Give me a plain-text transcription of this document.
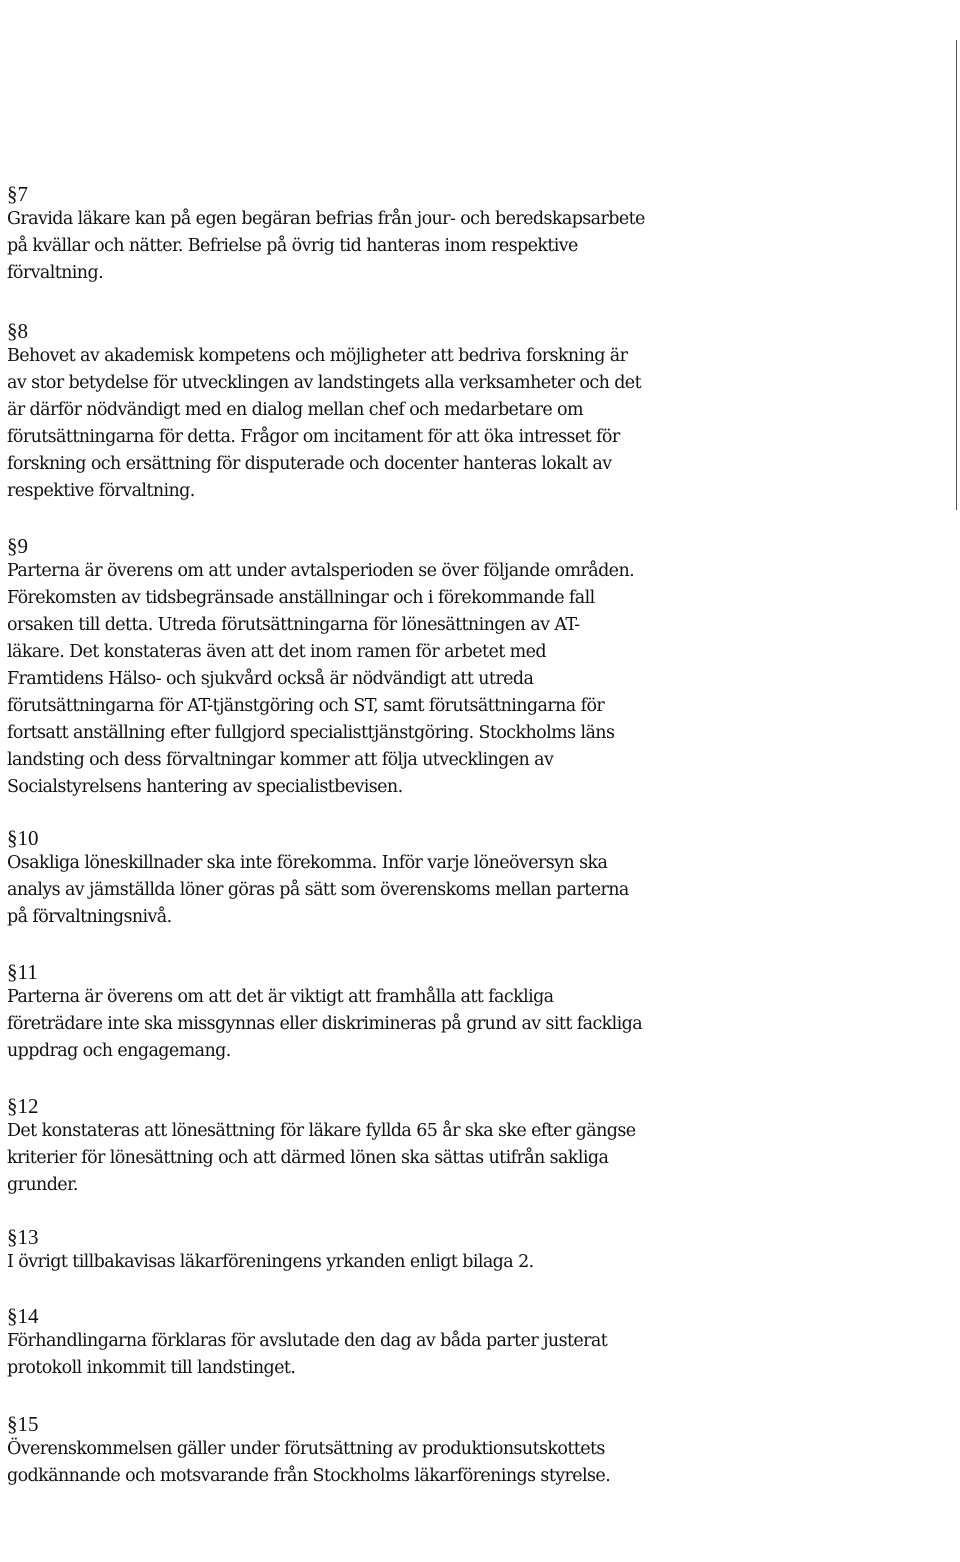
§7
Gravida läkare kan på egen begäran befrias från jour- och beredskapsarbete
på kvällar och nätter. Befrielse på övrig tid hanteras inom respektive
förvaltning.
§8
Behovet av akademisk kompetens och möjligheter att bedriva forskning är
av stor betydelse för utvecklingen av landstingets alla verksamheter och det
är därför nödvändigt med en dialog mellan chef och medarbetare om
förutsättningarna för detta. Frågor om incitament för att öka intresset för
forskning och ersättning för disputerade och docenter hanteras lokalt av
respektive förvaltning.
§9
Parterna är överens om att under avtalsperioden se över följande områden.
Förekomsten av tidsbegränsade anställningar och i förekommande fall
orsaken till detta. Utreda förutsättningarna för lönesättningen av AT-
läkare. Det konstateras även att det inom ramen för arbetet med
Framtidens Hälso- och sjukvård också är nödvändigt att utreda
förutsättningarna för AT-tjänstgöring och ST, samt förutsättningarna för
fortsatt anställning efter fullgjord specialisttjänstgöring. Stockholms läns
landsting och dess förvaltningar kommer att följa utvecklingen av
Socialstyrelsens hantering av specialistbevisen.
§10
Osakliga löneskillnader ska inte förekomma. Inför varje löneöversyn ska
analys av jämställda löner göras på sätt som överenskoms mellan parterna
på förvaltningsnivå.
§11
Parterna är överens om att det är viktigt att framhålla att fackliga
företrädare inte ska missgynnas eller diskrimineras på grund av sitt fackliga
uppdrag och engagemang.
§12
Det konstateras att lönesättning för läkare fyllda 65 år ska ske efter gängse
kriterier för lönesättning och att därmed lönen ska sättas utifrån sakliga
grunder.
§13
I övrigt tillbakavisas läkarföreningens yrkanden enligt bilaga 2.
§14
Förhandlingarna förklaras för avslutade den dag av båda parter justerat
protokoll inkommit till landstinget.
§15
Överenskommelsen gäller under förutsättning av produktionsutskottets
godkännande och motsvarande från Stockholms läkarförenings styrelse.
